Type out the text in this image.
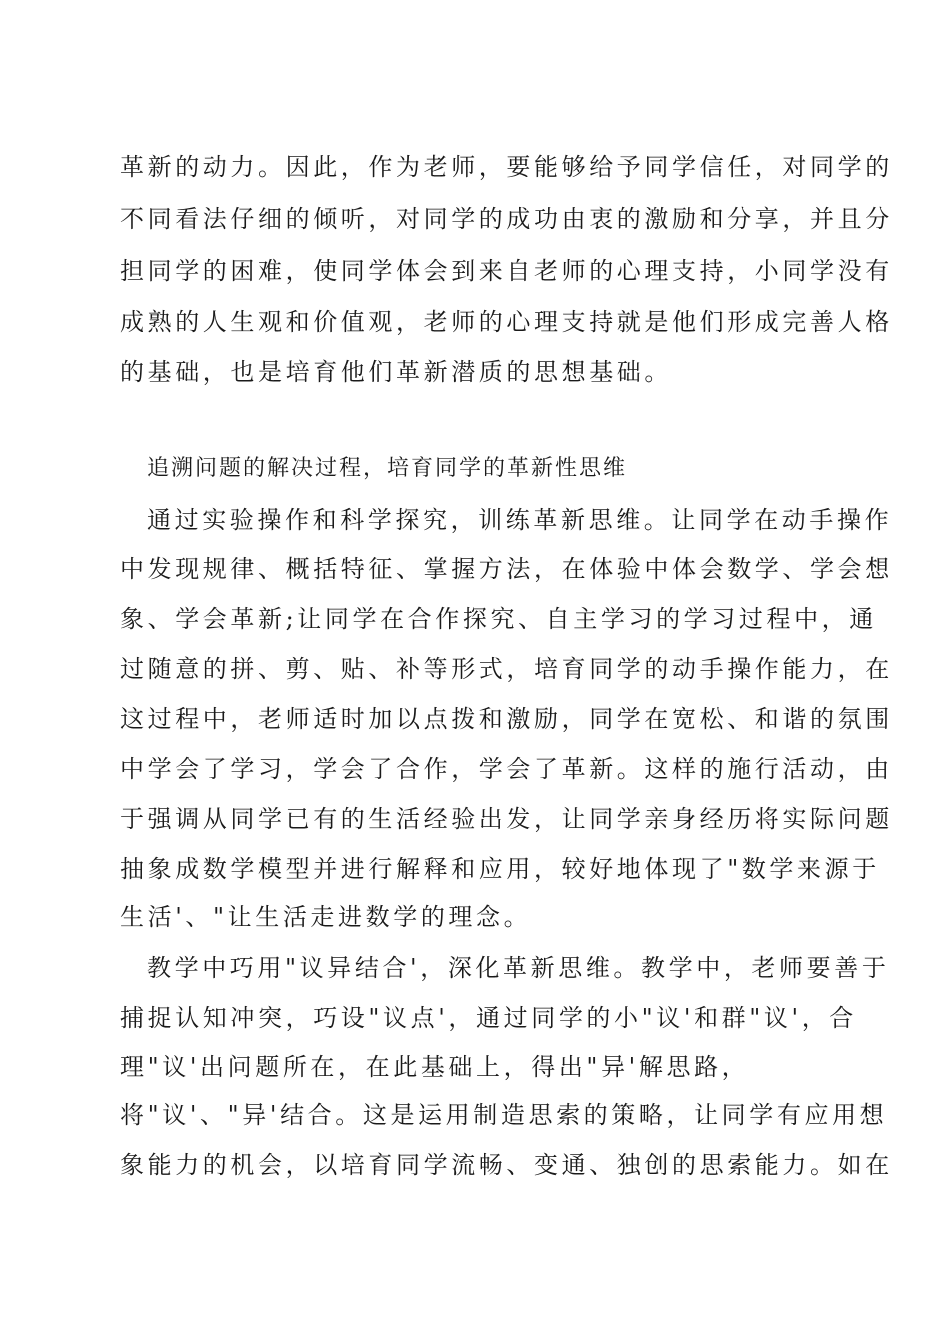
革新的动力。因此，作为老师，要能够给予同学信任，对同学的
不同看法仔细的倾听，对同学的成功由衷的激励和分享，并且分
担同学的困难，使同学体会到来自老师的心理支持，小同学没有
成熟的人生观和价值观，老师的心理支持就是他们形成完善人格
的基础，也是培育他们革新潜质的思想基础。
追溯问题的解决过程，培育同学的革新性思维
通过实验操作和科学探究，训练革新思维。让同学在动手操作
中发现规律、概括特征、掌握方法，在体验中体会数学、学会想
象、学会革新;让同学在合作探究、自主学习的学习过程中，通
过随意的拼、剪、贴、补等形式，培育同学的动手操作能力，在
这过程中，老师适时加以点拨和激励，同学在宽松、和谐的氛围
中学会了学习，学会了合作，学会了革新。这样的施行活动，由
于强调从同学已有的生活经验出发，让同学亲身经历将实际问题
抽象成数学模型并进行解释和应用，较好地体现了"数学来源于
生活'、"让生活走进数学的理念。
教学中巧用"议异结合'，深化革新思维。教学中，老师要善于
捕捉认知冲突，巧设"议点'，通过同学的小"议'和群"议'，合
理"议'出问题所在，在此基础上，得出"异'解思路，
将"议'、"异'结合。这是运用制造思索的策略，让同学有应用想
象能力的机会，以培育同学流畅、变通、独创的思索能力。如在
